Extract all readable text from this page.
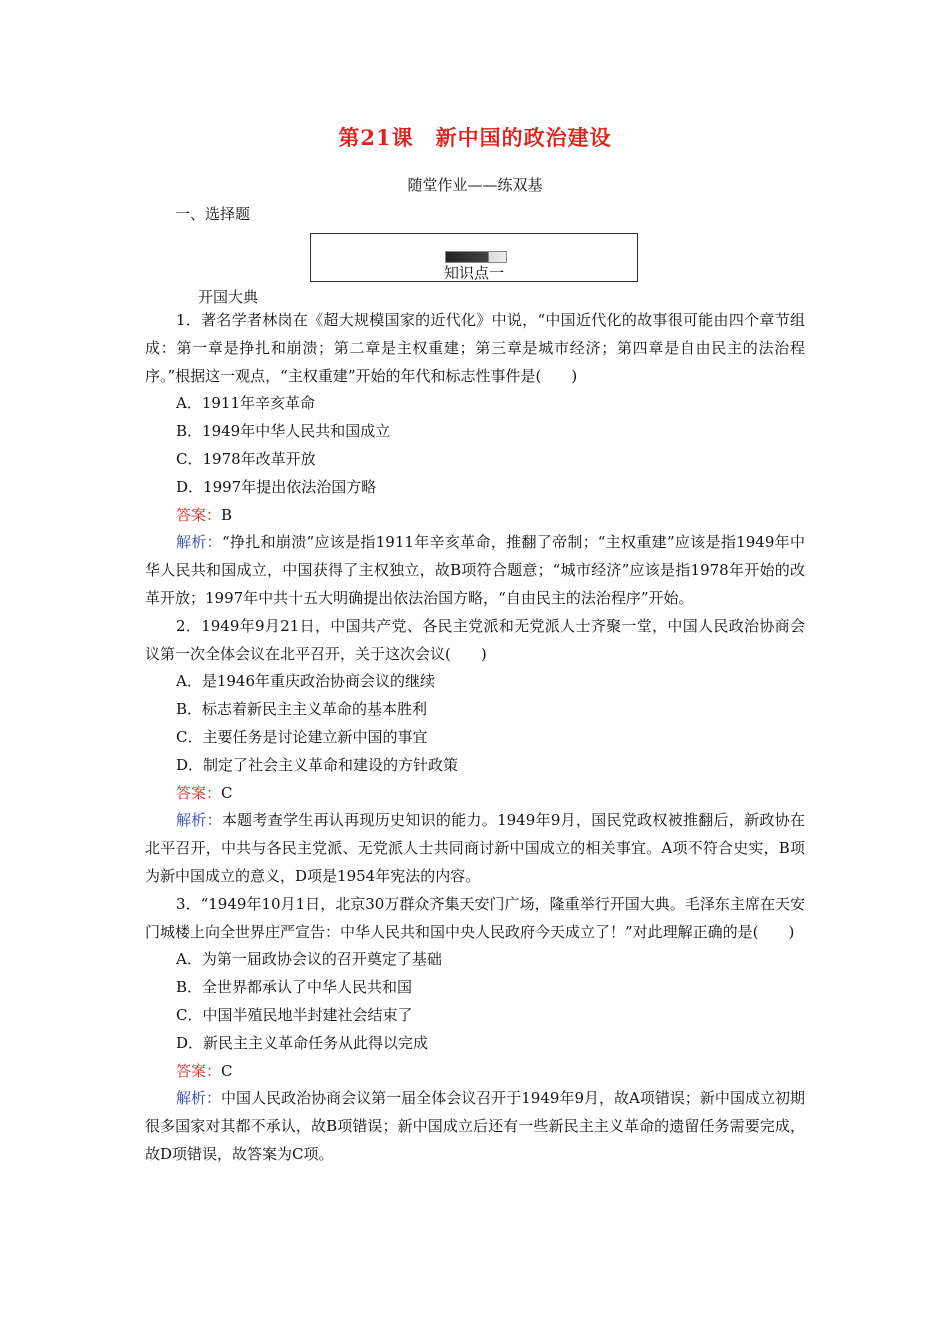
第21课　新中国的政治建设
随堂作业——练双基
一、选择题
知识点一
开国大典

1．著名学者林岗在《超大规模国家的近代化》中说，“中国近代化的故事很可能由四个章节组成：第一章是挣扎和崩溃；第二章是主权重建；第三章是城市经济；第四章是自由民主的法治程序。”根据这一观点，“主权重建”开始的年代和标志性事件是(　　)

A．1911年辛亥革命

B．1949年中华人民共和国成立

C．1978年改革开放

D．1997年提出依法治国方略

答案：B

解析：“挣扎和崩溃”应该是指1911年辛亥革命，推翻了帝制；“主权重建”应该是指1949年中华人民共和国成立，中国获得了主权独立，故B项符合题意；“城市经济”应该是指1978年开始的改革开放；1997年中共十五大明确提出依法治国方略，“自由民主的法治程序”开始。

2．1949年9月21日，中国共产党、各民主党派和无党派人士齐聚一堂，中国人民政治协商会议第一次全体会议在北平召开，关于这次会议(　　)

A．是1946年重庆政治协商会议的继续

B．标志着新民主主义革命的基本胜利

C．主要任务是讨论建立新中国的事宜

D．制定了社会主义革命和建设的方针政策

答案：C

解析：本题考查学生再认再现历史知识的能力。1949年9月，国民党政权被推翻后，新政协在北平召开，中共与各民主党派、无党派人士共同商讨新中国成立的相关事宜。A项不符合史实，B项为新中国成立的意义，D项是1954年宪法的内容。

3．“1949年10月1日，北京30万群众齐集天安门广场，隆重举行开国大典。毛泽东主席在天安门城楼上向全世界庄严宣告：中华人民共和国中央人民政府今天成立了！”对此理解正确的是(　　)

A．为第一届政协会议的召开奠定了基础

B．全世界都承认了中华人民共和国

C．中国半殖民地半封建社会结束了

D．新民主主义革命任务从此得以完成

答案：C

解析：中国人民政治协商会议第一届全体会议召开于1949年9月，故A项错误；新中国成立初期很多国家对其都不承认，故B项错误；新中国成立后还有一些新民主主义革命的遗留任务需要完成，故D项错误，故答案为C项。
